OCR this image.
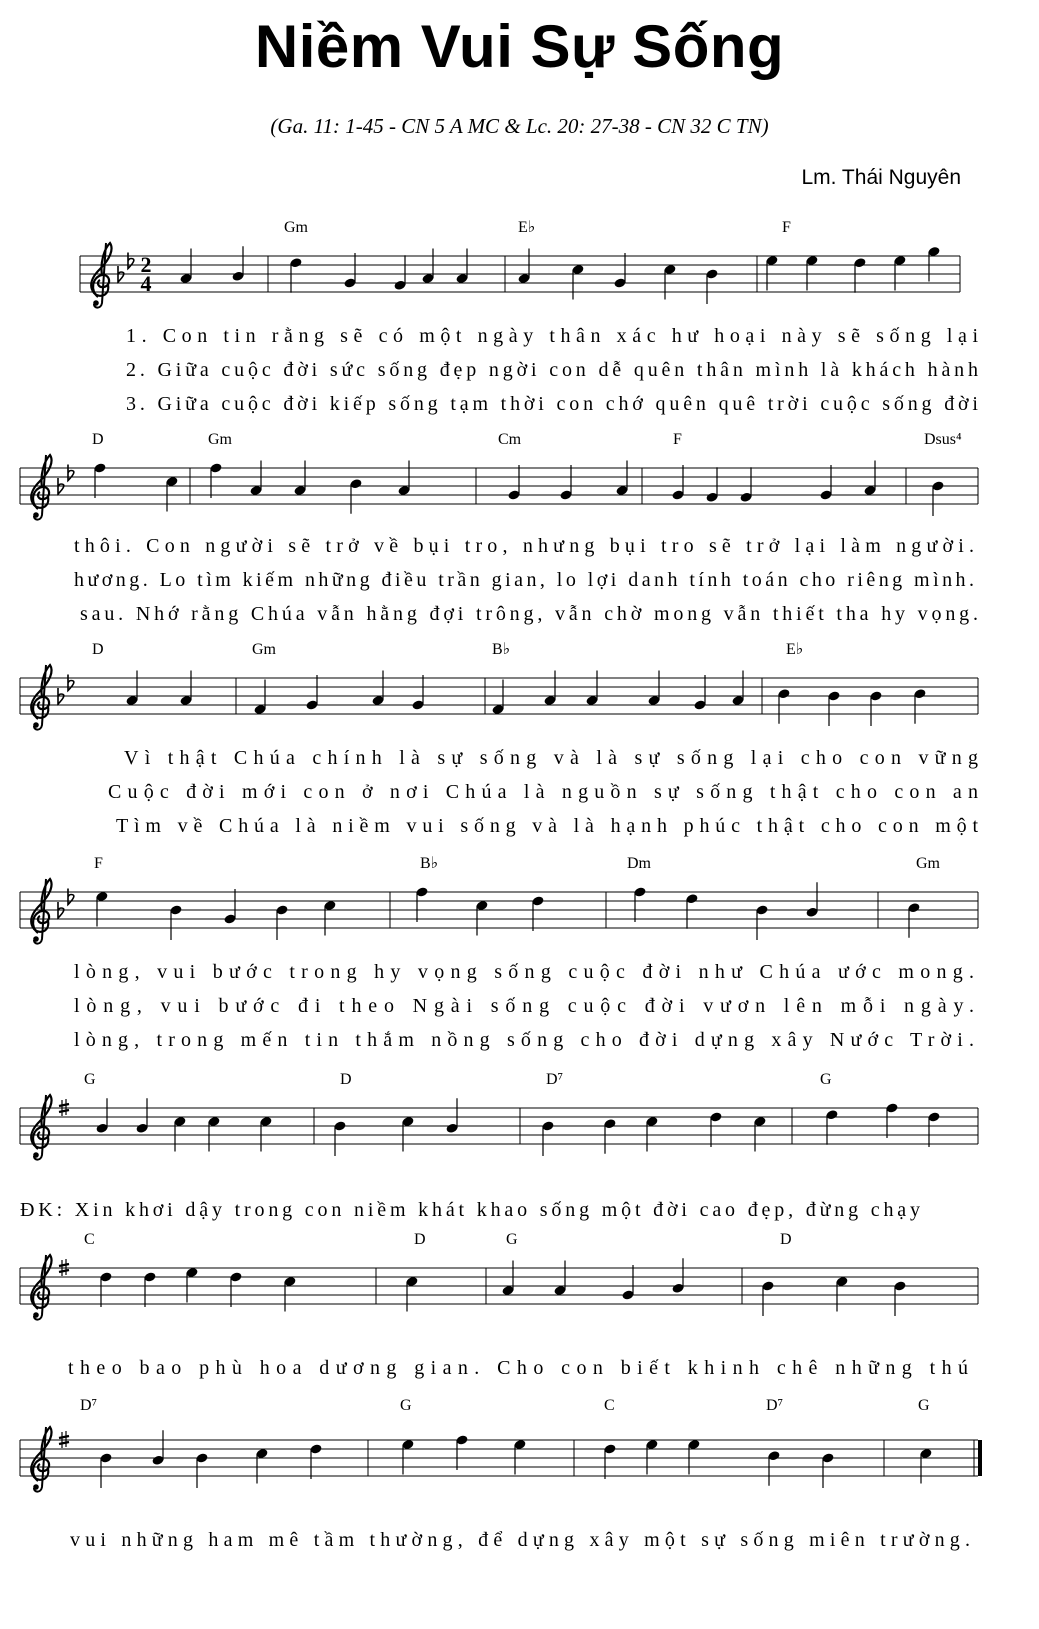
Niềm Vui Sự Sống
(Ga. 11: 1-45 - CN 5 A MC & Lc. 20: 27-38 - CN 32 C TN)
Lm. Thái Nguyên
2
4
Gm	E♭	F
1. Con tin rằng sẽ có một ngày thân xác hư hoại này sẽ sống lại
2. Giữa cuộc đời sức sống đẹp ngời con dễ quên thân mình là khách hành
3. Giữa cuộc đời kiếp sống tạm thời con chớ quên quê trời cuộc sống đời
D	Gm	Cm	F	Dsus⁴
thôi. Con người sẽ trở về bụi tro, nhưng bụi tro sẽ trở lại làm người.
hương. Lo tìm kiếm những điều trần gian, lo lợi danh tính toán cho riêng mình.
sau. Nhớ rằng Chúa vẫn hằng đợi trông, vẫn chờ mong vẫn thiết tha hy vọng.
D	Gm	B♭	E♭
Vì thật Chúa chính là sự sống và là sự sống lại cho con vững
Cuộc đời mới con ở nơi Chúa là nguồn sự sống thật cho con an
Tìm về Chúa là niềm vui sống và là hạnh phúc thật cho con một
F	B♭	Dm	Gm
lòng, vui bước trong hy vọng sống cuộc đời như Chúa ước mong.
lòng, vui bước đi theo Ngài sống cuộc đời vươn lên mỗi ngày.
lòng, trong mến tin thắm nồng sống cho đời dựng xây Nước Trời.
G	D	D⁷	G
ĐK: Xin khơi dậy trong con niềm khát khao sống một đời cao đẹp, đừng chạy
C	D	G	D
theo bao phù hoa dương gian. Cho con biết khinh chê những thú
D⁷	G	C	D⁷	G
vui những ham mê tầm thường, để dựng xây một sự sống miên trường.
